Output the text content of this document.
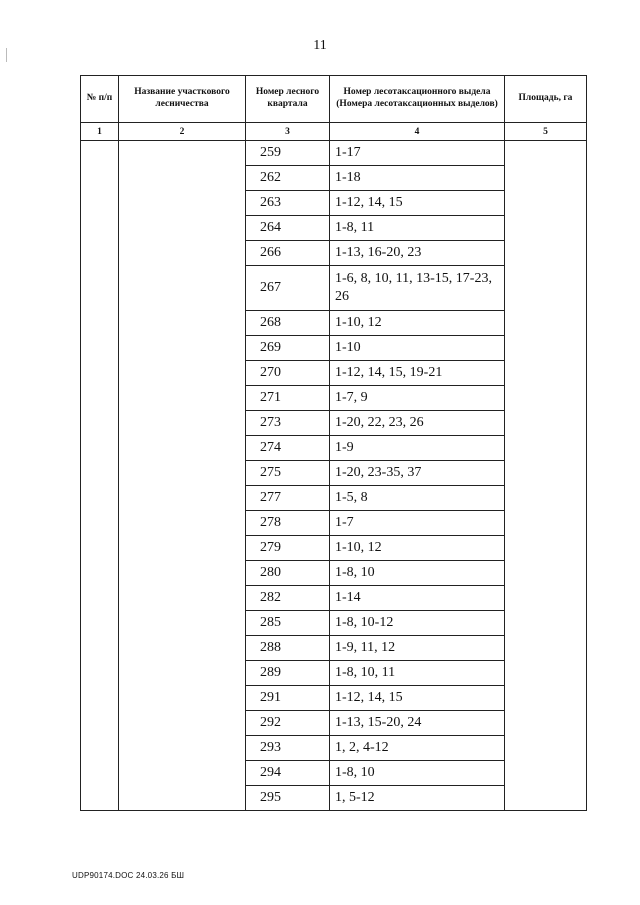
11
№ п/п	Название участкового лесничества	Номер лесного квартала	Номер лесотаксационного выдела (Номера лесотаксационных выделов)	Площадь, га
1	2	3	4	5
		259	1-17	
		262	1-18	
		263	1-12, 14, 15	
		264	1-8, 11	
		266	1-13, 16-20, 23	
		267	1-6, 8, 10, 11, 13-15, 17-23, 26	
		268	1-10, 12	
		269	1-10	
		270	1-12, 14, 15, 19-21	
		271	1-7, 9	
		273	1-20, 22, 23, 26	
		274	1-9	
		275	1-20, 23-35, 37	
		277	1-5, 8	
		278	1-7	
		279	1-10, 12	
		280	1-8, 10	
		282	1-14	
		285	1-8, 10-12	
		288	1-9, 11, 12	
		289	1-8, 10, 11	
		291	1-12, 14, 15	
		292	1-13, 15-20, 24	
		293	1, 2, 4-12	
		294	1-8, 10	
		295	1, 5-12	
UDP90174.DOC 24.03.26 БШ
